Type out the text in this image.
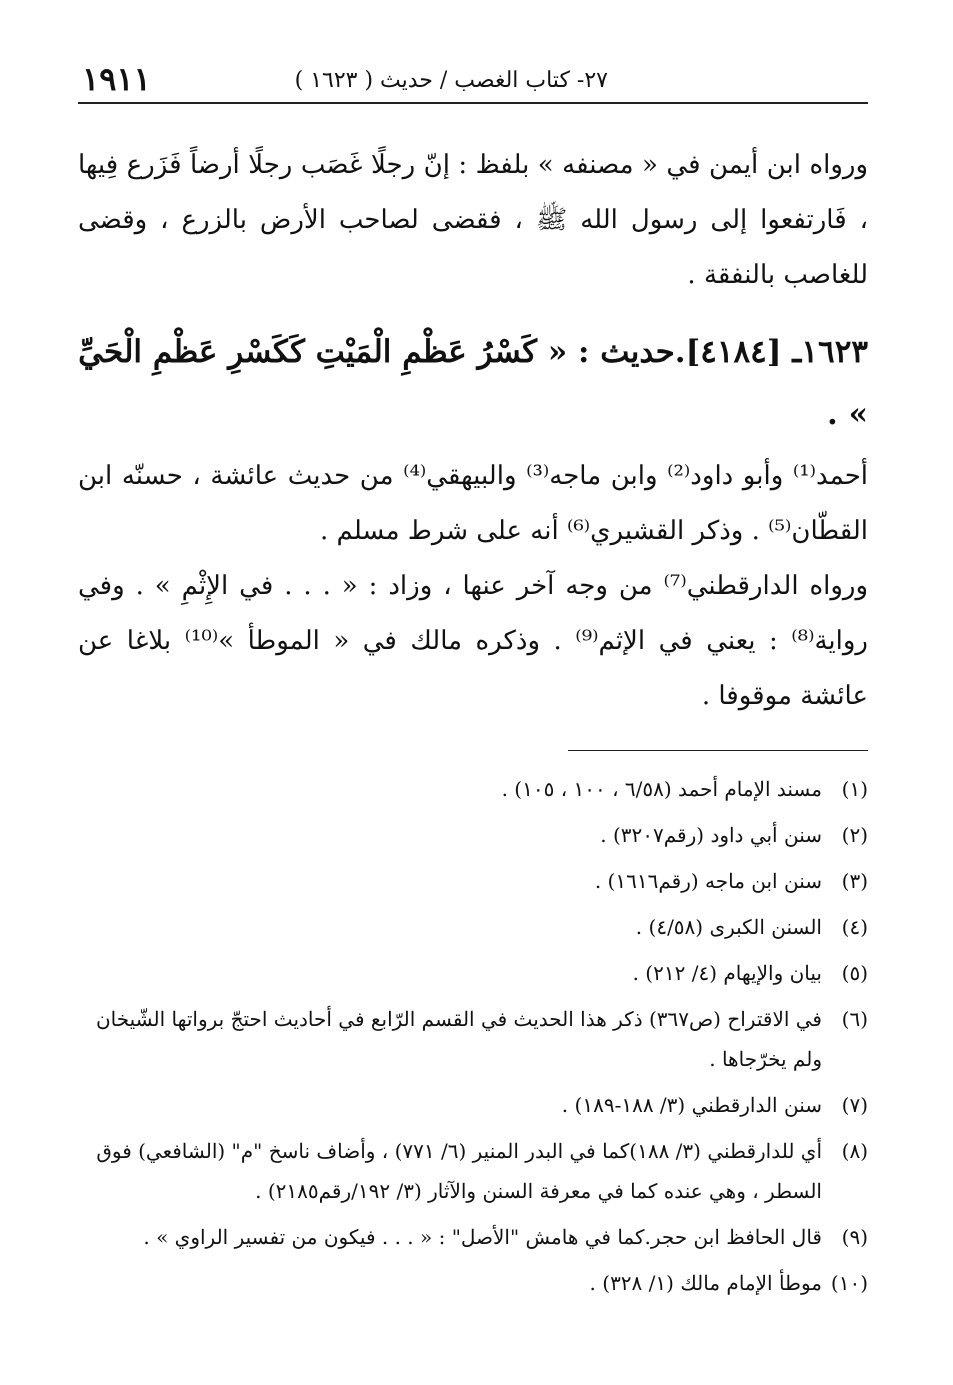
٢٧- كتاب الغصب / حديث ( ١٦٢٣ )
١٩١١

ورواه ابن أيمن في « مصنفه » بلفظ : إنّ رجلًا غَصَب رجلًا أرضاً فَزَرع فِيها ، فَارتفعوا إلى رسول الله ﷺ ، فقضى لصاحب الأرض بالزرع ، وقضى للغاصب بالنفقة .

١٦٢٣ـ [٤١٨٤].حديث : « كَسْرُ عَظْمِ الْمَيْتِ كَكَسْرِ عَظْمِ الْحَيِّ » .

أحمد⁽¹⁾ وأبو داود⁽²⁾ وابن ماجه⁽³⁾ والبيهقي⁽⁴⁾ من حديث عائشة ، حسنّه ابن القطّان⁽⁵⁾ . وذكر القشيري⁽⁶⁾ أنه على شرط مسلم .

ورواه الدارقطني⁽⁷⁾ من وجه آخر عنها ، وزاد : « . . . في الإِثْمِ » . وفي رواية⁽⁸⁾ : يعني في الإثم⁽⁹⁾ . وذكره مالك في « الموطأ »⁽¹⁰⁾ بلاغا عن عائشة موقوفا .

(١)
مسند الإمام أحمد (٦/٥٨ ، ١٠٠ ، ١٠٥) .
(٢)
سنن أبي داود (رقم٣٢٠٧) .
(٣)
سنن ابن ماجه (رقم١٦١٦) .
(٤)
السنن الكبرى (٤/٥٨) .
(٥)
بيان والإيهام (٤/ ٢١٢) .
(٦)
في الاقتراح (ص٣٦٧) ذكر هذا الحديث في القسم الرّابع في أحاديث احتجّ برواتها الشّيخان ولم يخرّجاها .
(٧)
سنن الدارقطني (٣/ ١٨٨-١٨٩) .
(٨)
أي للدارقطني (٣/ ١٨٨)كما في البدر المنير (٦/ ٧٧١) ، وأضاف ناسخ "م" (الشافعي) فوق السطر ، وهي عنده كما في معرفة السنن والآثار (٣/ ١٩٢/رقم٢١٨٥) .
(٩)
قال الحافظ ابن حجر.كما في هامش "الأصل" : « . . . فيكون من تفسير الراوي » .
(١٠)
موطأ الإمام مالك (١/ ٣٢٨) .
